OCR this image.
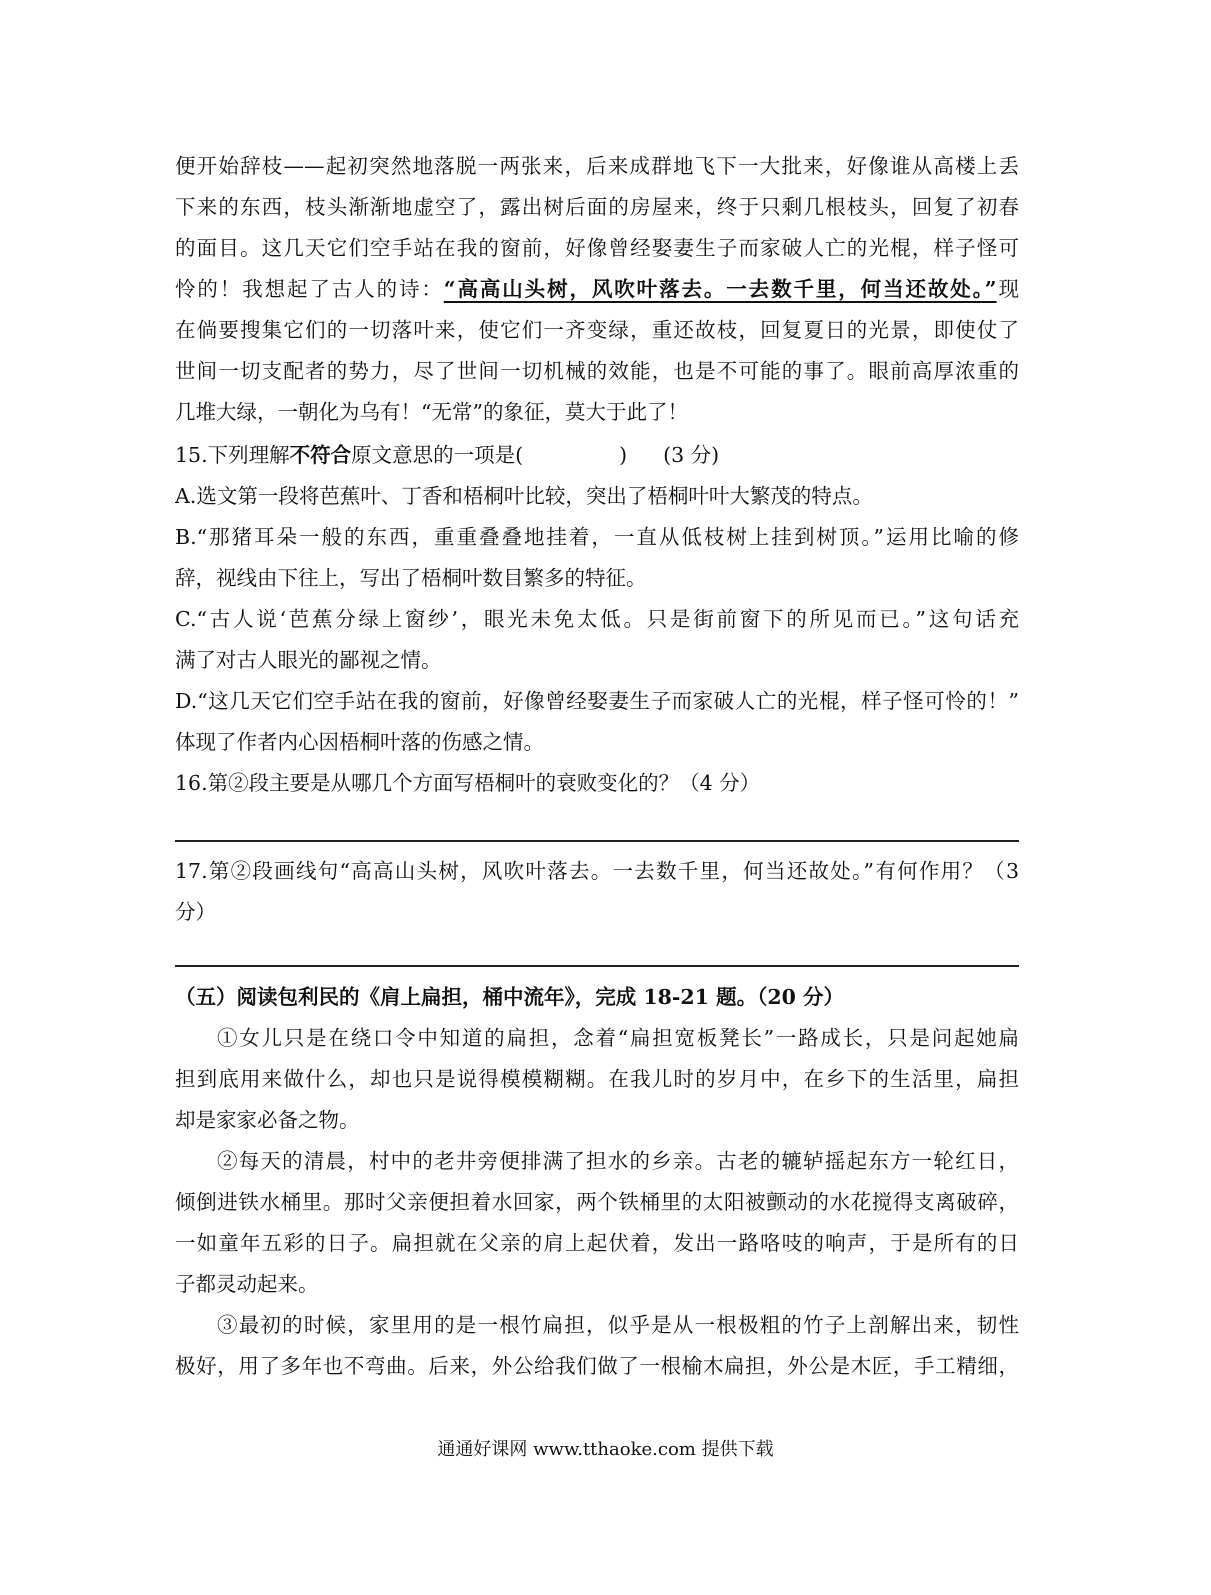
便开始辞枝——起初突然地落脱一两张来，后来成群地飞下一大批来，好像谁从高楼上丢
下来的东西，枝头渐渐地虚空了，露出树后面的房屋来，终于只剩几根枝头，回复了初春
的面目。这几天它们空手站在我的窗前，好像曾经娶妻生子而家破人亡的光棍，样子怪可
怜的！我想起了古人的诗：“高高山头树，风吹叶落去。一去数千里，何当还故处。”现
在倘要搜集它们的一切落叶来，使它们一齐变绿，重还故枝，回复夏日的光景，即使仗了
世间一切支配者的势力，尽了世间一切机械的效能，也是不可能的事了。眼前高厚浓重的
几堆大绿，一朝化为乌有！“无常”的象征，莫大于此了！
15.下列理解不符合原文意思的一项是(	) (3 分)
A.选文第一段将芭蕉叶、丁香和梧桐叶比较，突出了梧桐叶叶大繁茂的特点。
B.“那猪耳朵一般的东西，重重叠叠地挂着，一直从低枝树上挂到树顶。”运用比喻的修
辞，视线由下往上，写出了梧桐叶数目繁多的特征。
C.“古人说‘芭蕉分绿上窗纱’，眼光未免太低。只是街前窗下的所见而已。”这句话充
满了对古人眼光的鄙视之情。
D.“这几天它们空手站在我的窗前，好像曾经娶妻生子而家破人亡的光棍，样子怪可怜的！”
体现了作者内心因梧桐叶落的伤感之情。
16.第②段主要是从哪几个方面写梧桐叶的衰败变化的？（4 分）
17.第②段画线句“高高山头树，风吹叶落去。一去数千里，何当还故处。”有何作用？（3
分）
（五）阅读包利民的《肩上扁担，桶中流年》，完成 18-21 题。（20 分）
①女儿只是在绕口令中知道的扁担，念着“扁担宽板凳长”一路成长，只是问起她扁
担到底用来做什么，却也只是说得模模糊糊。在我儿时的岁月中，在乡下的生活里，扁担
却是家家必备之物。
②每天的清晨，村中的老井旁便排满了担水的乡亲。古老的辘轳摇起东方一轮红日，
倾倒进铁水桶里。那时父亲便担着水回家，两个铁桶里的太阳被颤动的水花搅得支离破碎，
一如童年五彩的日子。扁担就在父亲的肩上起伏着，发出一路咯吱的响声，于是所有的日
子都灵动起来。
③最初的时候，家里用的是一根竹扁担，似乎是从一根极粗的竹子上剖解出来，韧性
极好，用了多年也不弯曲。后来，外公给我们做了一根榆木扁担，外公是木匠，手工精细，
通通好课网 www.tthaoke.com 提供下载
